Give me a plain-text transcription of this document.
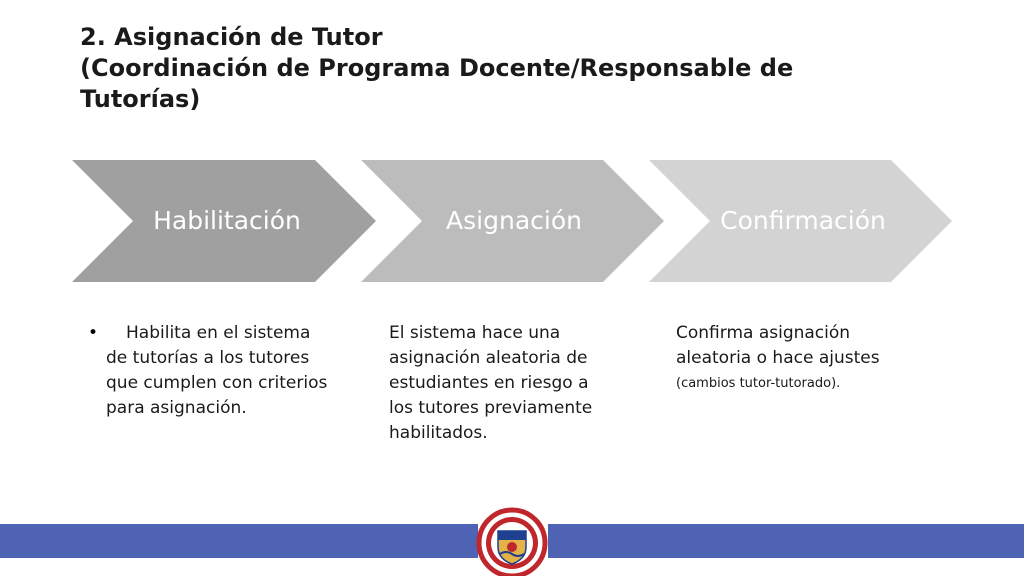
2. Asignación de Tutor
(Coordinación de Programa Docente/Responsable de
Tutorías)
Habilitación	Asignación	Confirmación
•	Habilita en el sistema
de tutorías a los tutores
que cumplen con criterios
para asignación.
El sistema hace una
asignación aleatoria de
estudiantes en riesgo a
los tutores previamente
habilitados.
Confirma asignación
aleatoria o hace ajustes
(cambios tutor-tutorado).
